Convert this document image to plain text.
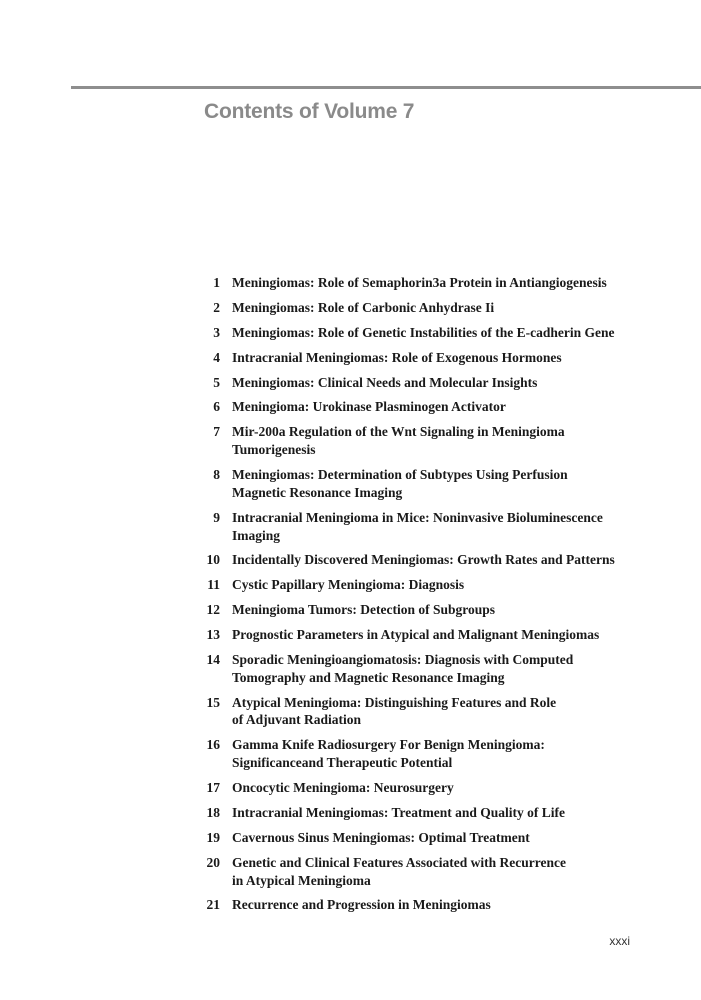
Contents of Volume 7
1 Meningiomas: Role of Semaphorin3a Protein in Antiangiogenesis
2 Meningiomas: Role of Carbonic Anhydrase Ii
3 Meningiomas: Role of Genetic Instabilities of the E-cadherin Gene
4 Intracranial Meningiomas: Role of Exogenous Hormones
5 Meningiomas: Clinical Needs and Molecular Insights
6 Meningioma: Urokinase Plasminogen Activator
7 Mir-200a Regulation of the Wnt Signaling in Meningioma
Tumorigenesis
8 Meningiomas: Determination of Subtypes Using Perfusion
Magnetic Resonance Imaging
9 Intracranial Meningioma in Mice: Noninvasive Bioluminescence
Imaging
10 Incidentally Discovered Meningiomas: Growth Rates and Patterns
11 Cystic Papillary Meningioma: Diagnosis
12 Meningioma Tumors: Detection of Subgroups
13 Prognostic Parameters in Atypical and Malignant Meningiomas
14 Sporadic Meningioangiomatosis: Diagnosis with Computed
Tomography and Magnetic Resonance Imaging
15 Atypical Meningioma: Distinguishing Features and Role
of Adjuvant Radiation
16 Gamma Knife Radiosurgery For Benign Meningioma:
Significanceand Therapeutic Potential
17 Oncocytic Meningioma: Neurosurgery
18 Intracranial Meningiomas: Treatment and Quality of Life
19 Cavernous Sinus Meningiomas: Optimal Treatment
20 Genetic and Clinical Features Associated with Recurrence
in Atypical Meningioma
21 Recurrence and Progression in Meningiomas
xxxi
